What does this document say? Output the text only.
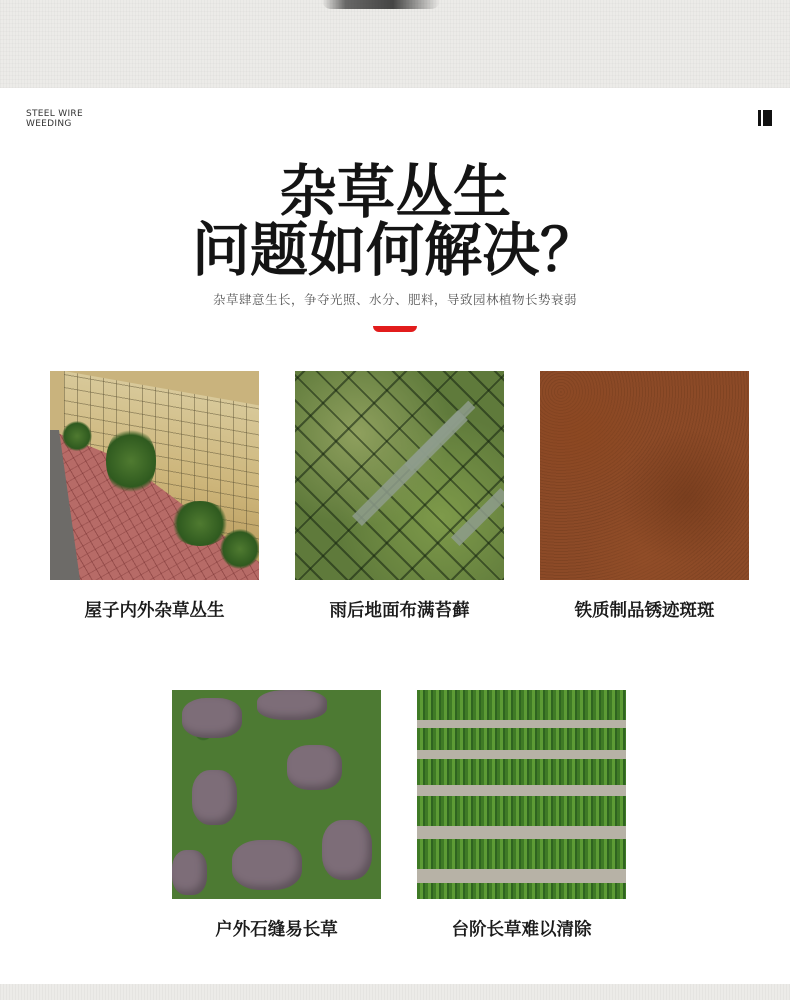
STEEL WIRE
WEEDING
杂草丛生
问题如何解决？
杂草肆意生长，争夺光照、水分、肥料，导致园林植物长势衰弱
屋子内外杂草丛生	雨后地面布满苔藓	铁质制品锈迹斑斑
户外石缝易长草	台阶长草难以清除
